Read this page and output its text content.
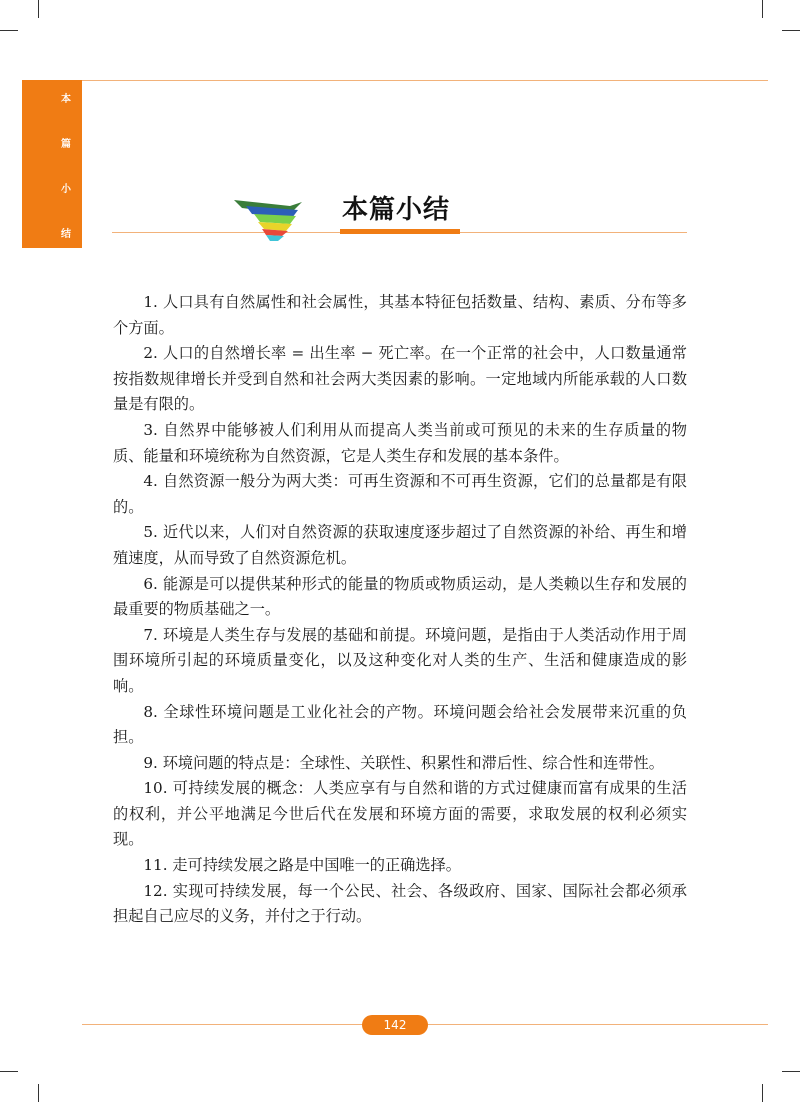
本
篇
小
结
本篇小结

1. 人口具有自然属性和社会属性，其基本特征包括数量、结构、素质、分布等多个方面。

2. 人口的自然增长率 = 出生率 − 死亡率。在一个正常的社会中，人口数量通常按指数规律增长并受到自然和社会两大类因素的影响。一定地域内所能承载的人口数量是有限的。

3. 自然界中能够被人们利用从而提高人类当前或可预见的未来的生存质量的物质、能量和环境统称为自然资源，它是人类生存和发展的基本条件。

4. 自然资源一般分为两大类：可再生资源和不可再生资源，它们的总量都是有限的。

5. 近代以来，人们对自然资源的获取速度逐步超过了自然资源的补给、再生和增殖速度，从而导致了自然资源危机。

6. 能源是可以提供某种形式的能量的物质或物质运动，是人类赖以生存和发展的最重要的物质基础之一。

7. 环境是人类生存与发展的基础和前提。环境问题，是指由于人类活动作用于周围环境所引起的环境质量变化，以及这种变化对人类的生产、生活和健康造成的影响。

8. 全球性环境问题是工业化社会的产物。环境问题会给社会发展带来沉重的负担。

9. 环境问题的特点是：全球性、关联性、积累性和滞后性、综合性和连带性。

10. 可持续发展的概念：人类应享有与自然和谐的方式过健康而富有成果的生活的权利，并公平地满足今世后代在发展和环境方面的需要，求取发展的权利必须实现。

11. 走可持续发展之路是中国唯一的正确选择。

12. 实现可持续发展，每一个公民、社会、各级政府、国家、国际社会都必须承担起自己应尽的义务，并付之于行动。

142
